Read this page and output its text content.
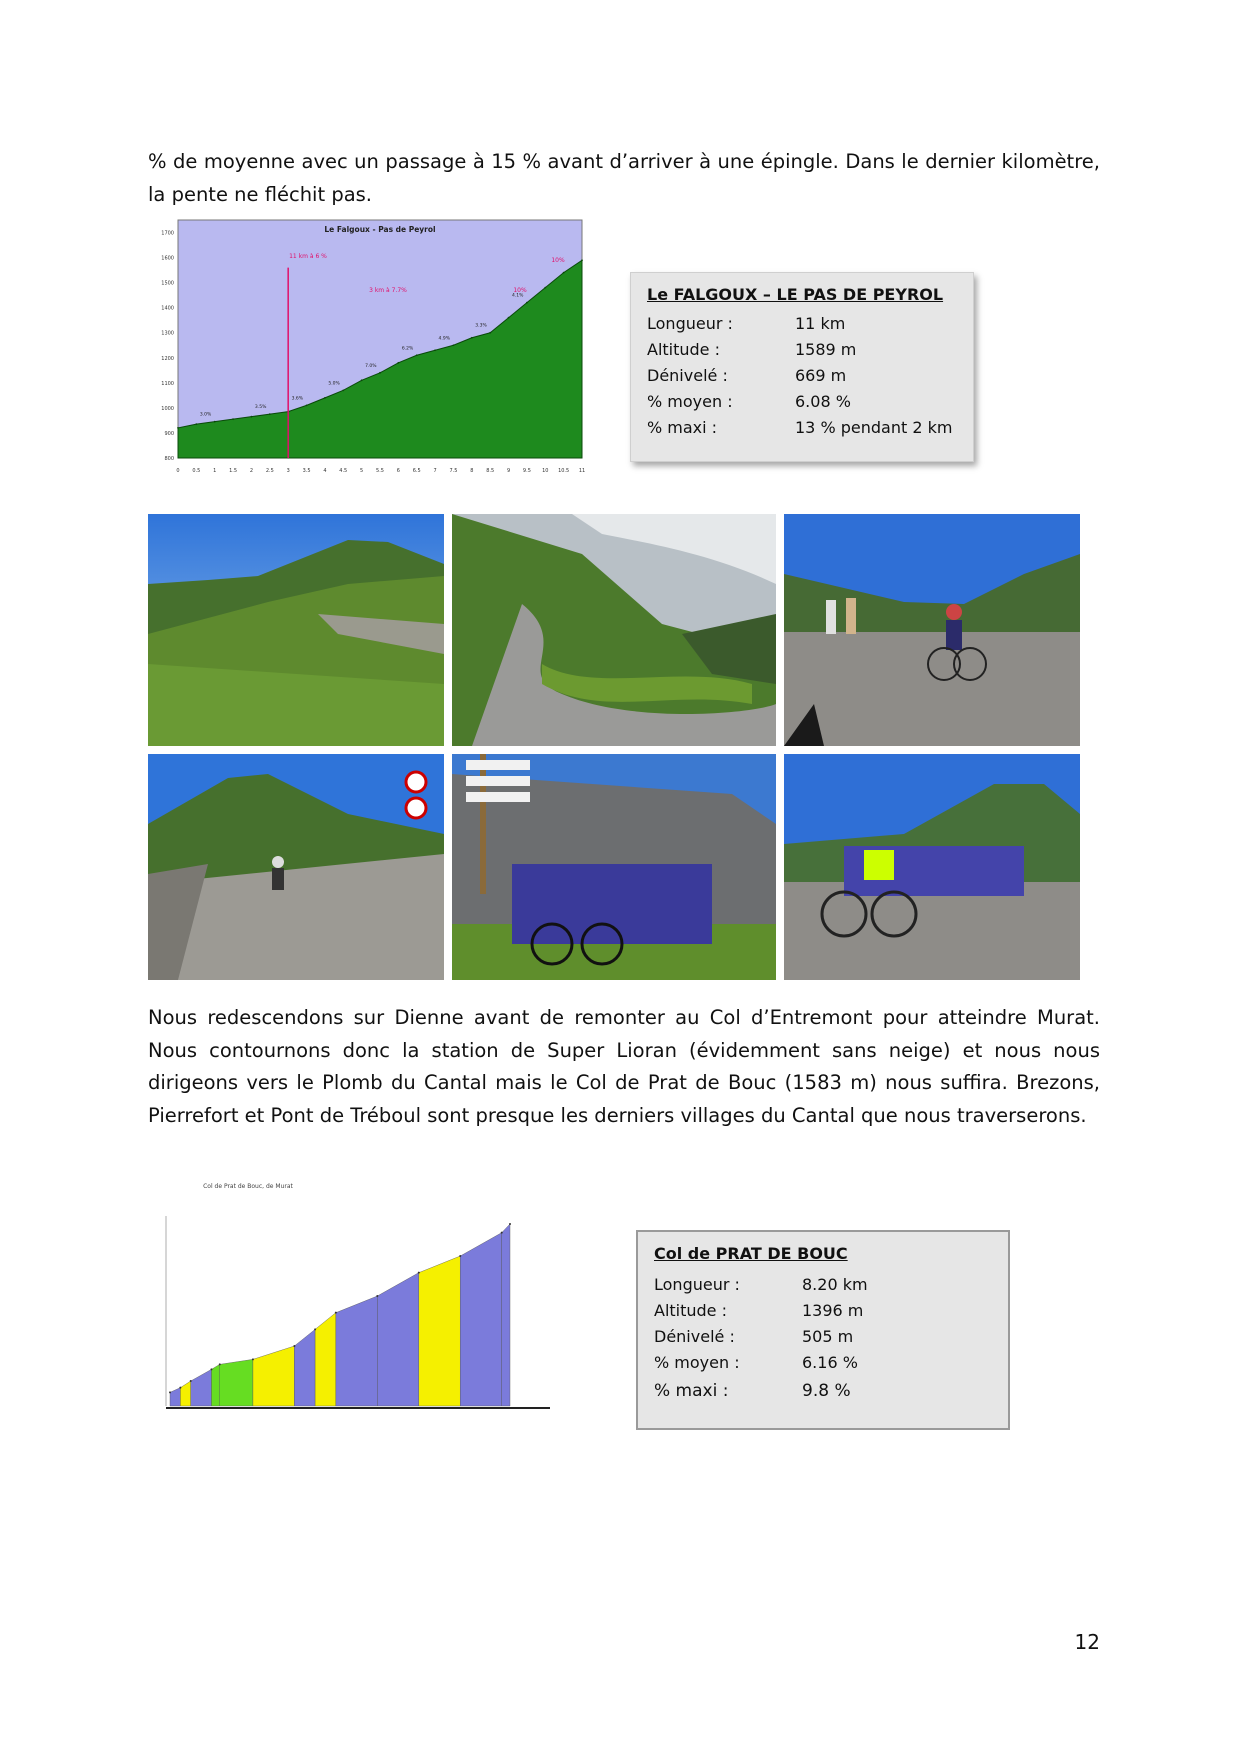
% de moyenne avec un passage à 15 % avant d’arriver à une épingle. Dans le dernier kilomètre, la pente ne fléchit pas.
800
900
1000
1100
1200
1300
1400
1500
1600
1700
0	0.5	1	1.5	2	2.5	3	3.5	4	4.5	5	5.5	6	6.5	7	7.5	8	8.5	9	9.5 10 10.5 11
3.0%
3.5%
3.6%
5.0%
7.0%
6.2%
4.9%
3.3%
4.1%
Le Falgoux - Pas de Peyrol
11 km à 6 %
3 km à 7.7%	10%
10%
Le FALGOUX – LE PAS DE PEYROL
Longueur :	11 km
Altitude :	1589 m
Dénivelé :	669 m
% moyen :	6.08 %
% maxi :	13 % pendant 2 km
Nous redescendons sur Dienne avant de remonter au Col d’Entremont pour atteindre Murat. Nous contournons donc la station de Super Lioran (évidemment sans neige) et nous nous dirigeons vers le Plomb du Cantal mais le Col de Prat de Bouc (1583 m) nous suffira. Brezons, Pierrefort et Pont de Tréboul sont presque les derniers villages du Cantal que nous traverserons.
Col de Prat de Bouc, de Murat
Col de PRAT DE BOUC
Longueur :	8.20 km
Altitude :	1396 m
Dénivelé :	505 m
% moyen :	6.16 %
% maxi :	9.8 %
12
